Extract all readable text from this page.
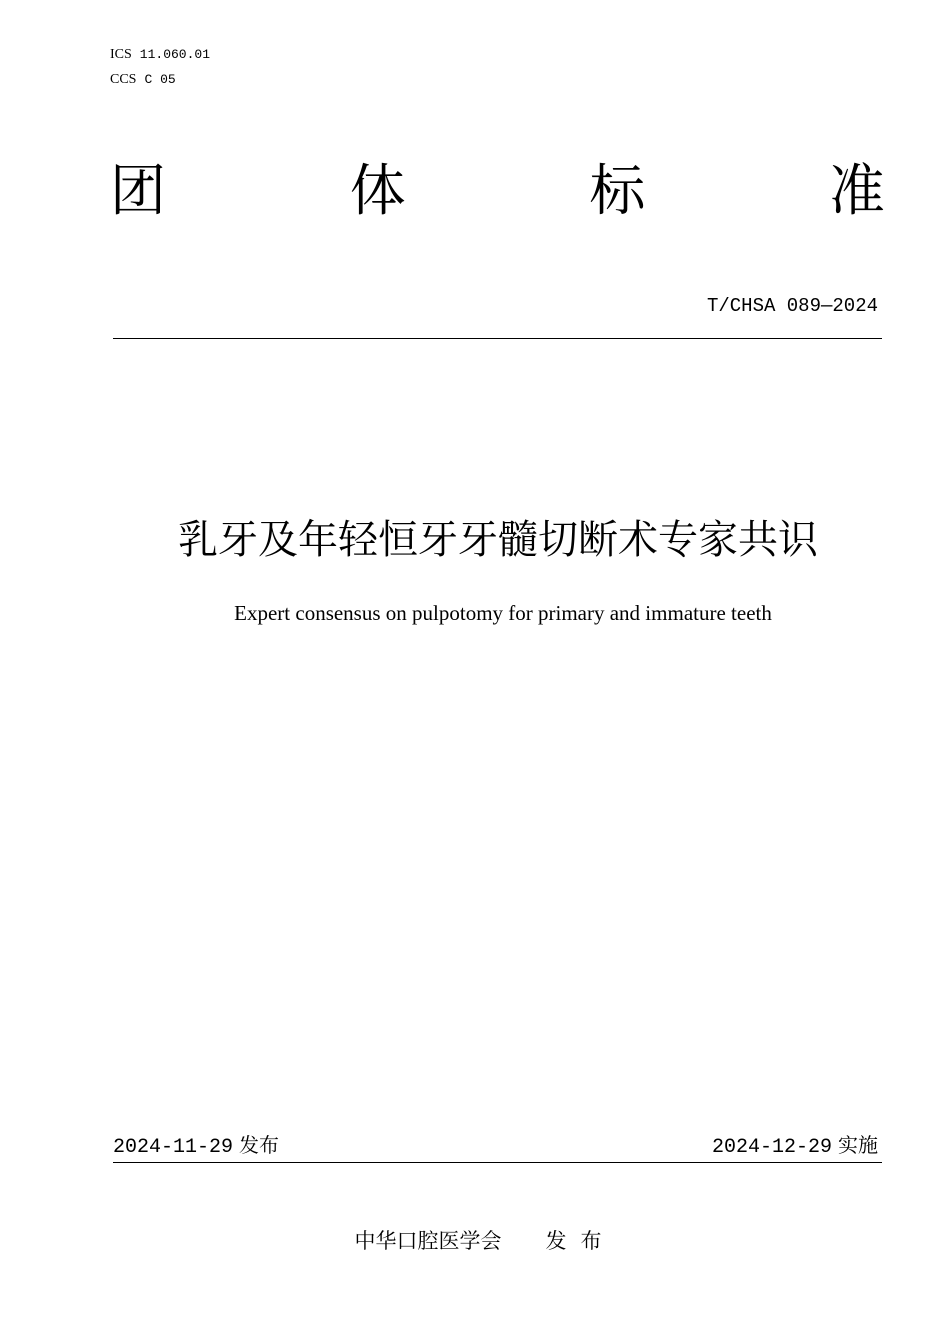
ICS 11.060.01
CCS C 05
团	体	标	准
T/CHSA 089—2024
乳牙及年轻恒牙牙髓切断术专家共识
Expert consensus on pulpotomy for primary and immature teeth
2024-11-29 发布	2024-12-29 实施
中华口腔医学会 发布
